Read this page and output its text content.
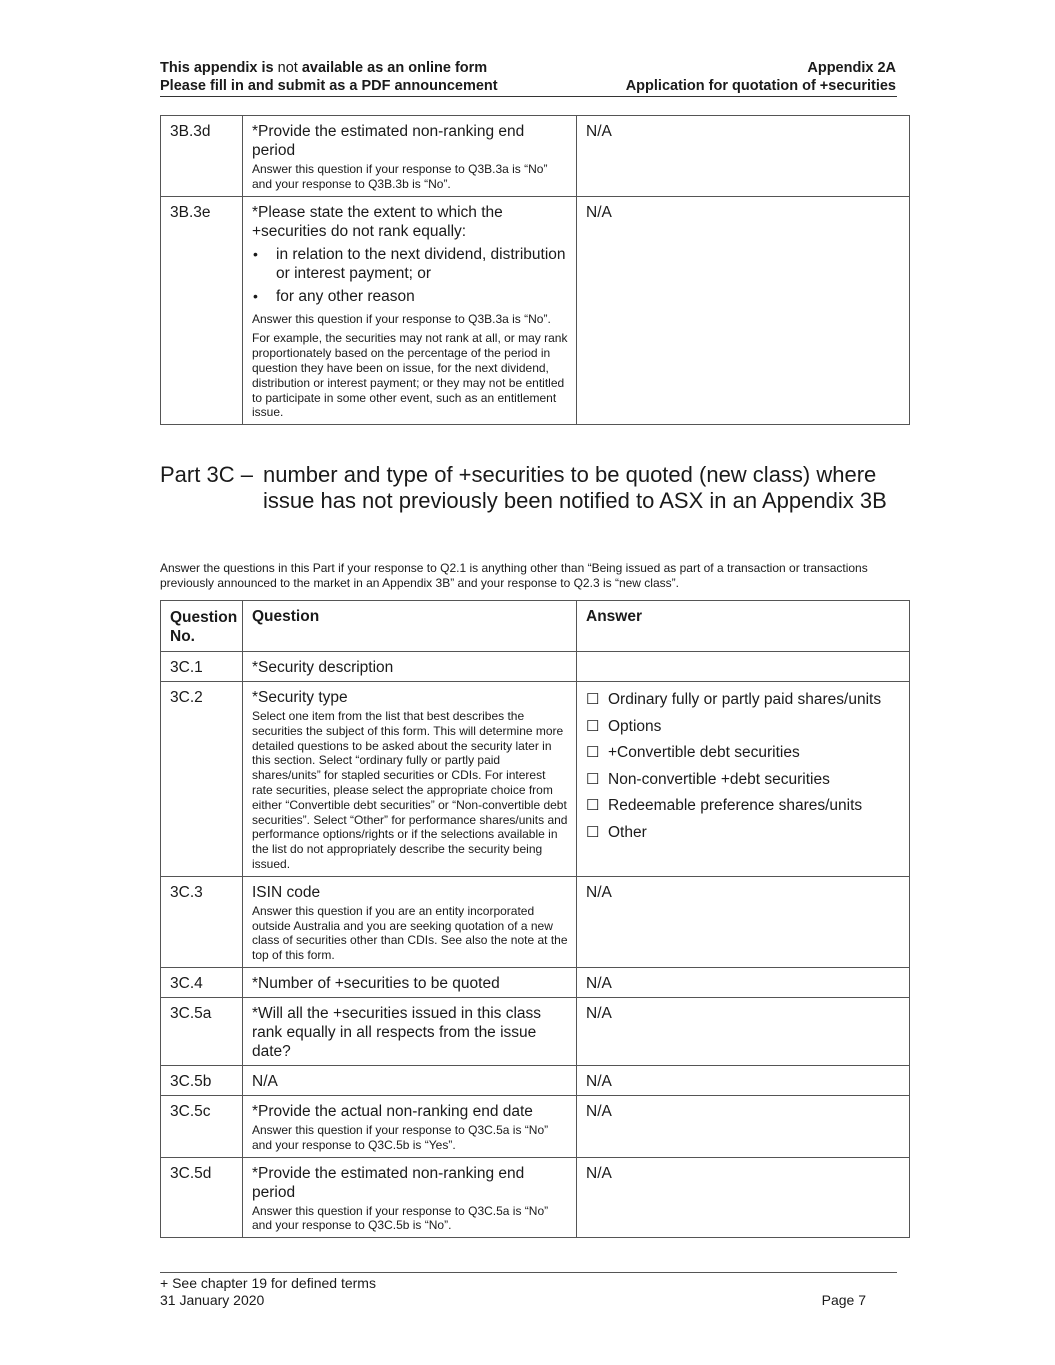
This appendix is not available as an online form	Appendix 2A
Please fill in and submit as a PDF announcement	Application for quotation of +securities
3B.3d	*Provide the estimated non-ranking end period
Answer this question if your response to Q3B.3a is “No” and your response to Q3B.3b is “No”.	N/A
3B.3e	*Please state the extent to which the +securities do not rank equally:
•	in relation to the next dividend, distribution or interest payment; or
•	for any other reason
Answer this question if your response to Q3B.3a is “No”.
For example, the securities may not rank at all, or may rank proportionately based on the percentage of the period in question they have been on issue, for the next dividend, distribution or interest payment; or they may not be entitled to participate in some other event, such as an entitlement issue.
	N/A
Part 3C – number and type of +securities to be quoted (new class) where issue has not previously been notified to ASX in an Appendix 3B
Answer the questions in this Part if your response to Q2.1 is anything other than “Being issued as part of a transaction or transactions previously announced to the market in an Appendix 3B” and your response to Q2.3 is “new class”.
Question No.	Question	Answer
3C.1	*Security description	
3C.2	*Security type
Select one item from the list that best describes the securities the subject of this form. This will determine more detailed questions to be asked about the security later in this section. Select “ordinary fully or partly paid shares/units” for stapled securities or CDIs. For interest rate securities, please select the appropriate choice from either “Convertible debt securities” or “Non-convertible debt securities”. Select “Other” for performance shares/units and performance options/rights or if the selections available in the list do not appropriately describe the security being issued.

☐ Ordinary fully or partly paid shares/units
☐ Options
☐ +Convertible debt securities
☐ Non-convertible +debt securities
☐ Redeemable preference shares/units
☐ Other

3C.3	ISIN code
Answer this question if you are an entity incorporated outside Australia and you are seeking quotation of a new class of securities other than CDIs. See also the note at the top of this form.	N/A
3C.4	*Number of +securities to be quoted	N/A
3C.5a	*Will all the +securities issued in this class rank equally in all respects from the issue date?	N/A
3C.5b	N/A	N/A
3C.5c	*Provide the actual non-ranking end date
Answer this question if your response to Q3C.5a is “No” and your response to Q3C.5b is “Yes”.	N/A
3C.5d	*Provide the estimated non-ranking end period
Answer this question if your response to Q3C.5a is “No” and your response to Q3C.5b is “No”.	N/A
+ See chapter 19 for defined terms
31 January 2020	Page 7
